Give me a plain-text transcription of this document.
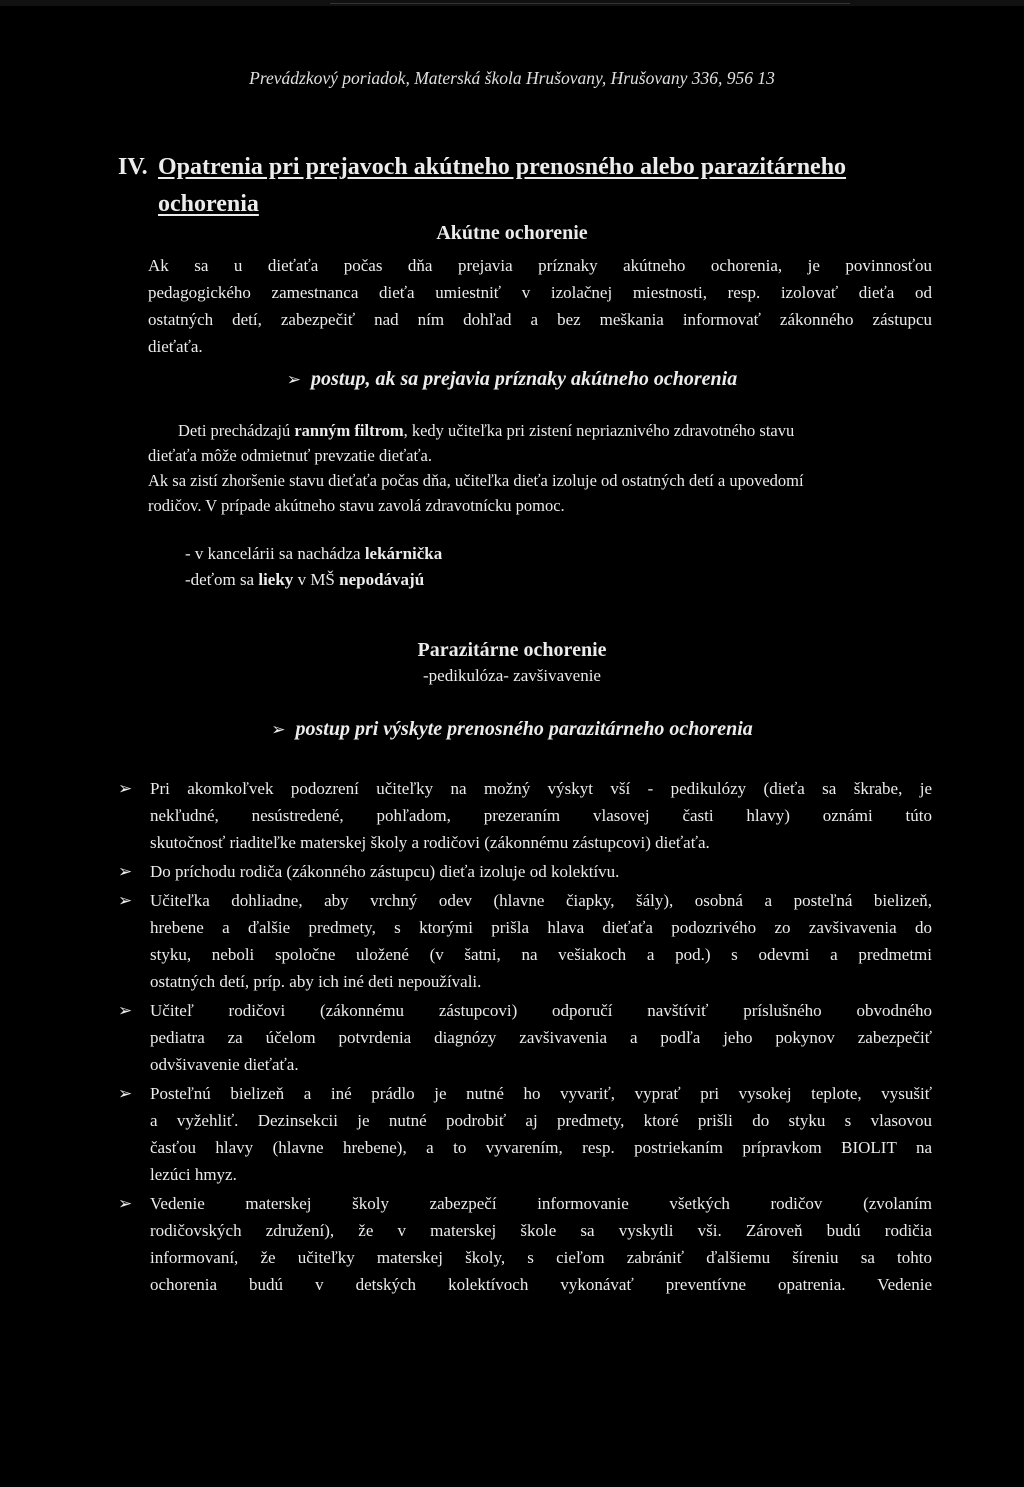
Prevádzkový poriadok, Materská škola Hrušovany, Hrušovany 336, 956 13
IV. Opatrenia pri prejavoch akútneho prenosného alebo parazitárneho
ochorenia
Akútne ochorenie
Ak sa u dieťaťa počas dňa prejavia príznaky akútneho ochorenia, je povinnosťou
pedagogického zamestnanca dieťa umiestniť v izolačnej miestnosti, resp. izolovať dieťa od
ostatných detí, zabezpečiť nad ním dohľad a bez meškania informovať zákonného zástupcu
dieťaťa.
➢ postup, ak sa prejavia príznaky akútneho ochorenia
Deti prechádzajú ranným filtrom, kedy učiteľka pri zistení nepriaznivého zdravotného stavu
dieťaťa môže odmietnuť prevzatie dieťaťa.
Ak sa zistí zhoršenie stavu dieťaťa počas dňa, učiteľka dieťa izoluje od ostatných detí a upovedomí
rodičov. V prípade akútneho stavu zavolá zdravotnícku pomoc.
- v kancelárii sa nachádza lekárnička
-deťom sa lieky v MŠ nepodávajú
Parazitárne ochorenie
-pedikulóza- zavšivavenie
➢ postup pri výskyte prenosného parazitárneho ochorenia
➢ Pri akomkoľvek podozrení učiteľky na možný výskyt vší - pedikulózy (dieťa sa škrabe, je
nekľudné, nesústredené, pohľadom, prezeraním vlasovej časti hlavy) oznámi túto
skutočnosť riaditeľke materskej školy a rodičovi (zákonnému zástupcovi) dieťaťa.
➢ Do príchodu rodiča (zákonného zástupcu) dieťa izoluje od kolektívu.
➢ Učiteľka dohliadne, aby vrchný odev (hlavne čiapky, šály), osobná a posteľná bielizeň,
hrebene a ďalšie predmety, s ktorými prišla hlava dieťaťa podozrivého zo zavšivavenia do
styku, neboli spoločne uložené (v šatni, na vešiakoch a pod.) s odevmi a predmetmi
ostatných detí, príp. aby ich iné deti nepoužívali.
➢ Učiteľ rodičovi (zákonnému zástupcovi) odporučí navštíviť príslušného obvodného
pediatra za účelom potvrdenia diagnózy zavšivavenia a podľa jeho pokynov zabezpečiť
odvšivavenie dieťaťa.
➢ Posteľnú bielizeň a iné prádlo je nutné ho vyvariť, vyprať pri vysokej teplote, vysušiť
a vyžehliť. Dezinsekcii je nutné podrobiť aj predmety, ktoré prišli do styku s vlasovou
časťou hlavy (hlavne hrebene), a to vyvarením, resp. postriekaním prípravkom BIOLIT na
lezúci hmyz.
➢ Vedenie materskej školy zabezpečí informovanie všetkých rodičov (zvolaním
rodičovských združení), že v materskej škole sa vyskytli vši. Zároveň budú rodičia
informovaní, že učiteľky materskej školy, s cieľom zabrániť ďalšiemu šíreniu sa tohto
ochorenia budú v detských kolektívoch vykonávať preventívne opatrenia. Vedenie
